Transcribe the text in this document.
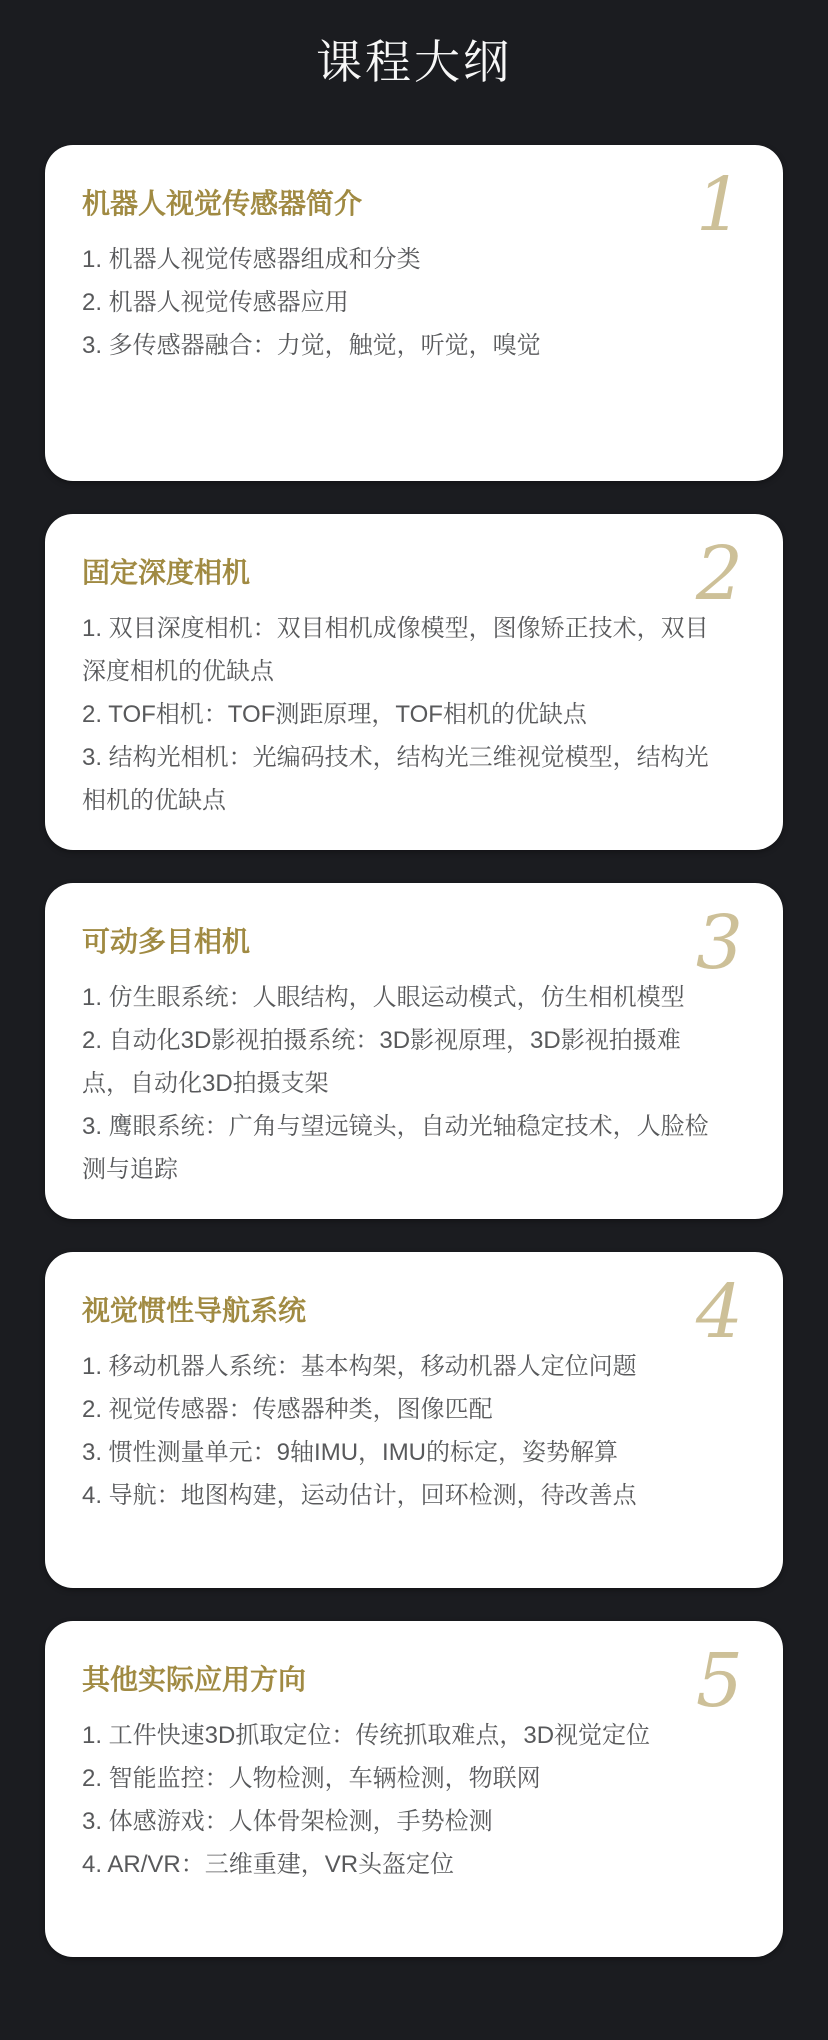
课程大纲
1
机器人视觉传感器简介

1. 机器人视觉传感器组成和分类

2. 机器人视觉传感器应用

3. 多传感器融合：力觉，触觉，听觉，嗅觉

2
固定深度相机

1. 双目深度相机：双目相机成像模型，图像矫正技术，双目深度相机的优缺点

2. TOF相机：TOF测距原理，TOF相机的优缺点

3. 结构光相机：光编码技术，结构光三维视觉模型，结构光相机的优缺点

3
可动多目相机

1. 仿生眼系统：人眼结构，人眼运动模式，仿生相机模型

2. 自动化3D影视拍摄系统：3D影视原理，3D影视拍摄难点，自动化3D拍摄支架

3. 鹰眼系统：广角与望远镜头，自动光轴稳定技术，人脸检测与追踪

4
视觉惯性导航系统

1. 移动机器人系统：基本构架，移动机器人定位问题

2. 视觉传感器：传感器种类，图像匹配

3. 惯性测量单元：9轴IMU，IMU的标定，姿势解算

4. 导航：地图构建，运动估计，回环检测，待改善点

5
其他实际应用方向

1. 工件快速3D抓取定位：传统抓取难点，3D视觉定位

2. 智能监控：人物检测，车辆检测，物联网

3. 体感游戏：人体骨架检测，手势检测

4. AR/VR：三维重建，VR头盔定位
